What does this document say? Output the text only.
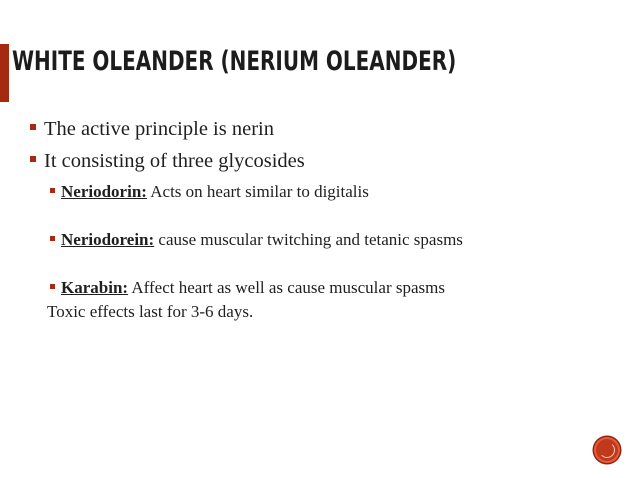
WHITE OLEANDER (NERIUM OLEANDER)
The active principle is nerin
It consisting of three glycosides
Neriodorin: Acts on heart similar to digitalis
Neriodorein: cause muscular twitching and tetanic spasms
Karabin: Affect heart as well as cause muscular spasms
Toxic effects last for 3-6 days.
